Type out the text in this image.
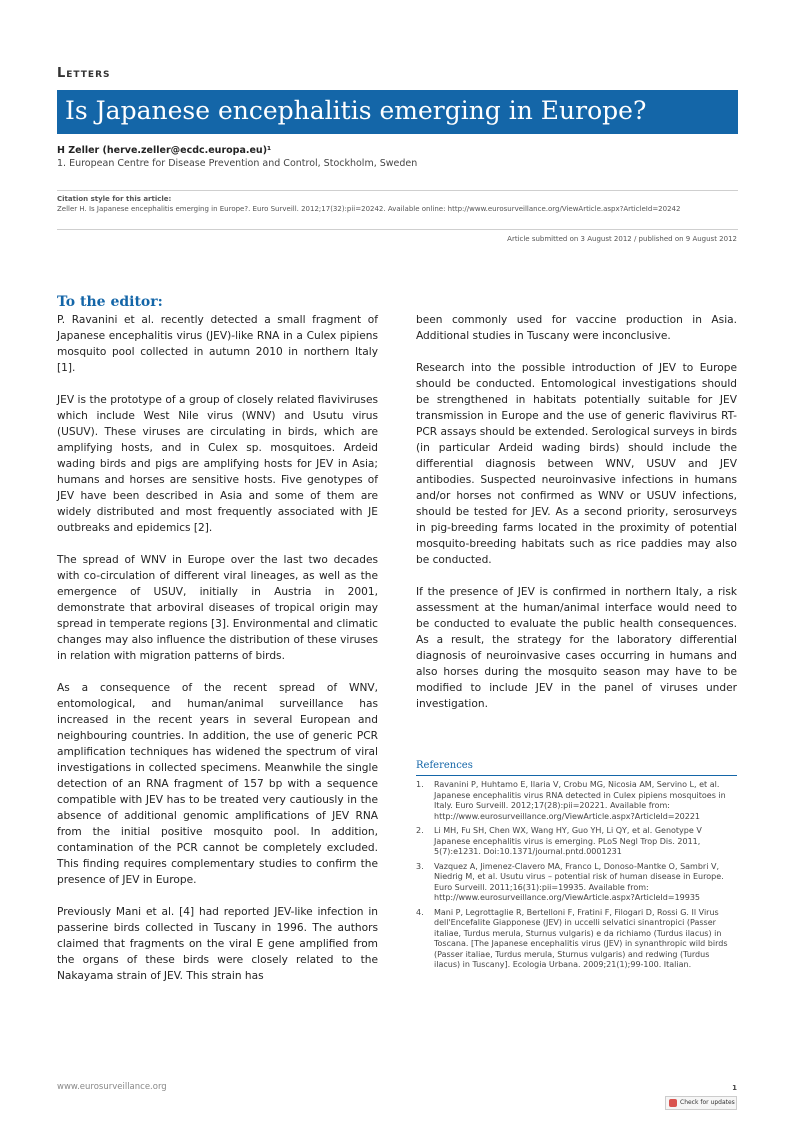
Letters
Is Japanese encephalitis emerging in Europe?
H Zeller (herve.zeller@ecdc.europa.eu)¹
1. European Centre for Disease Prevention and Control, Stockholm, Sweden
Citation style for this article:
Zeller H. Is Japanese encephalitis emerging in Europe?. Euro Surveill. 2012;17(32):pii=20242. Available online: http://www.eurosurveillance.org/ViewArticle.aspx?ArticleId=20242
Article submitted on 3 August 2012 / published on 9 August 2012
To the editor:

P. Ravanini et al. recently detected a small fragment of Japanese encephalitis virus (JEV)-like RNA in a Culex pipiens mosquito pool collected in autumn 2010 in northern Italy [1].

JEV is the prototype of a group of closely related flaviviruses which include West Nile virus (WNV) and Usutu virus (USUV). These viruses are circulating in birds, which are amplifying hosts, and in Culex sp. mosquitoes. Ardeid wading birds and pigs are amplifying hosts for JEV in Asia; humans and horses are sensitive hosts. Five genotypes of JEV have been described in Asia and some of them are widely distributed and most frequently associated with JE outbreaks and epidemics [2].

The spread of WNV in Europe over the last two decades with co-circulation of different viral lineages, as well as the emergence of USUV, initially in Austria in 2001, demonstrate that arboviral diseases of tropical origin may spread in temperate regions [3]. Environmental and climatic changes may also influence the distribution of these viruses in relation with migration patterns of birds.

As a consequence of the recent spread of WNV, entomological, and human/animal surveillance has increased in the recent years in several European and neighbouring countries. In addition, the use of generic PCR amplification techniques has widened the spectrum of viral investigations in collected specimens. Meanwhile the single detection of an RNA fragment of 157 bp with a sequence compatible with JEV has to be treated very cautiously in the absence of additional genomic amplifications of JEV RNA from the initial positive mosquito pool. In addition, contamination of the PCR cannot be completely excluded. This finding requires complementary studies to confirm the presence of JEV in Europe.

Previously Mani et al. [4] had reported JEV-like infection in passerine birds collected in Tuscany in 1996. The authors claimed that fragments on the viral E gene amplified from the organs of these birds were closely related to the Nakayama strain of JEV. This strain has

been commonly used for vaccine production in Asia. Additional studies in Tuscany were inconclusive.

Research into the possible introduction of JEV to Europe should be conducted. Entomological investigations should be strengthened in habitats potentially suitable for JEV transmission in Europe and the use of generic flavivirus RT-PCR assays should be extended. Serological surveys in birds (in particular Ardeid wading birds) should include the differential diagnosis between WNV, USUV and JEV antibodies. Suspected neuroinvasive infections in humans and/or horses not confirmed as WNV or USUV infections, should be tested for JEV. As a second priority, serosurveys in pig-breeding farms located in the proximity of potential mosquito-breeding habitats such as rice paddies may also be conducted.

If the presence of JEV is confirmed in northern Italy, a risk assessment at the human/animal interface would need to be conducted to evaluate the public health consequences. As a result, the strategy for the laboratory differential diagnosis of neuroinvasive cases occurring in humans and also horses during the mosquito season may have to be modified to include JEV in the panel of viruses under investigation.

References
1.	Ravanini P, Huhtamo E, Ilaria V, Crobu MG, Nicosia AM, Servino L, et al. Japanese encephalitis virus RNA detected in Culex pipiens mosquitoes in Italy. Euro Surveill. 2012;17(28):pii=20221. Available from: http://www.eurosurveillance.org/ViewArticle.aspx?ArticleId=20221
2.	Li MH, Fu SH, Chen WX, Wang HY, Guo YH, Li QY, et al. Genotype V Japanese encephalitis virus is emerging. PLoS Negl Trop Dis. 2011, 5(7):e1231. Doi:10.1371/journal.pntd.0001231
3.	Vazquez A, Jimenez-Clavero MA, Franco L, Donoso-Mantke O, Sambri V, Niedrig M, et al. Usutu virus – potential risk of human disease in Europe. Euro Surveill. 2011;16(31):pii=19935. Available from: http://www.eurosurveillance.org/ViewArticle.aspx?ArticleId=19935
4.	Mani P, Legrottaglie R, Bertelloni F, Fratini F, Filogari D, Rossi G. Il Virus dell'Encefalite Giapponese (JEV) in uccelli selvatici sinantropici (Passer italiae, Turdus merula, Sturnus vulgaris) e da richiamo (Turdus ilacus) in Toscana. [The Japanese encephalitis virus (JEV) in synanthropic wild birds (Passer italiae, Turdus merula, Sturnus vulgaris) and redwing (Turdus ilacus) in Tuscany]. Ecologia Urbana. 2009;21(1);99-100. Italian.
www.eurosurveillance.org	1
Check for updates
